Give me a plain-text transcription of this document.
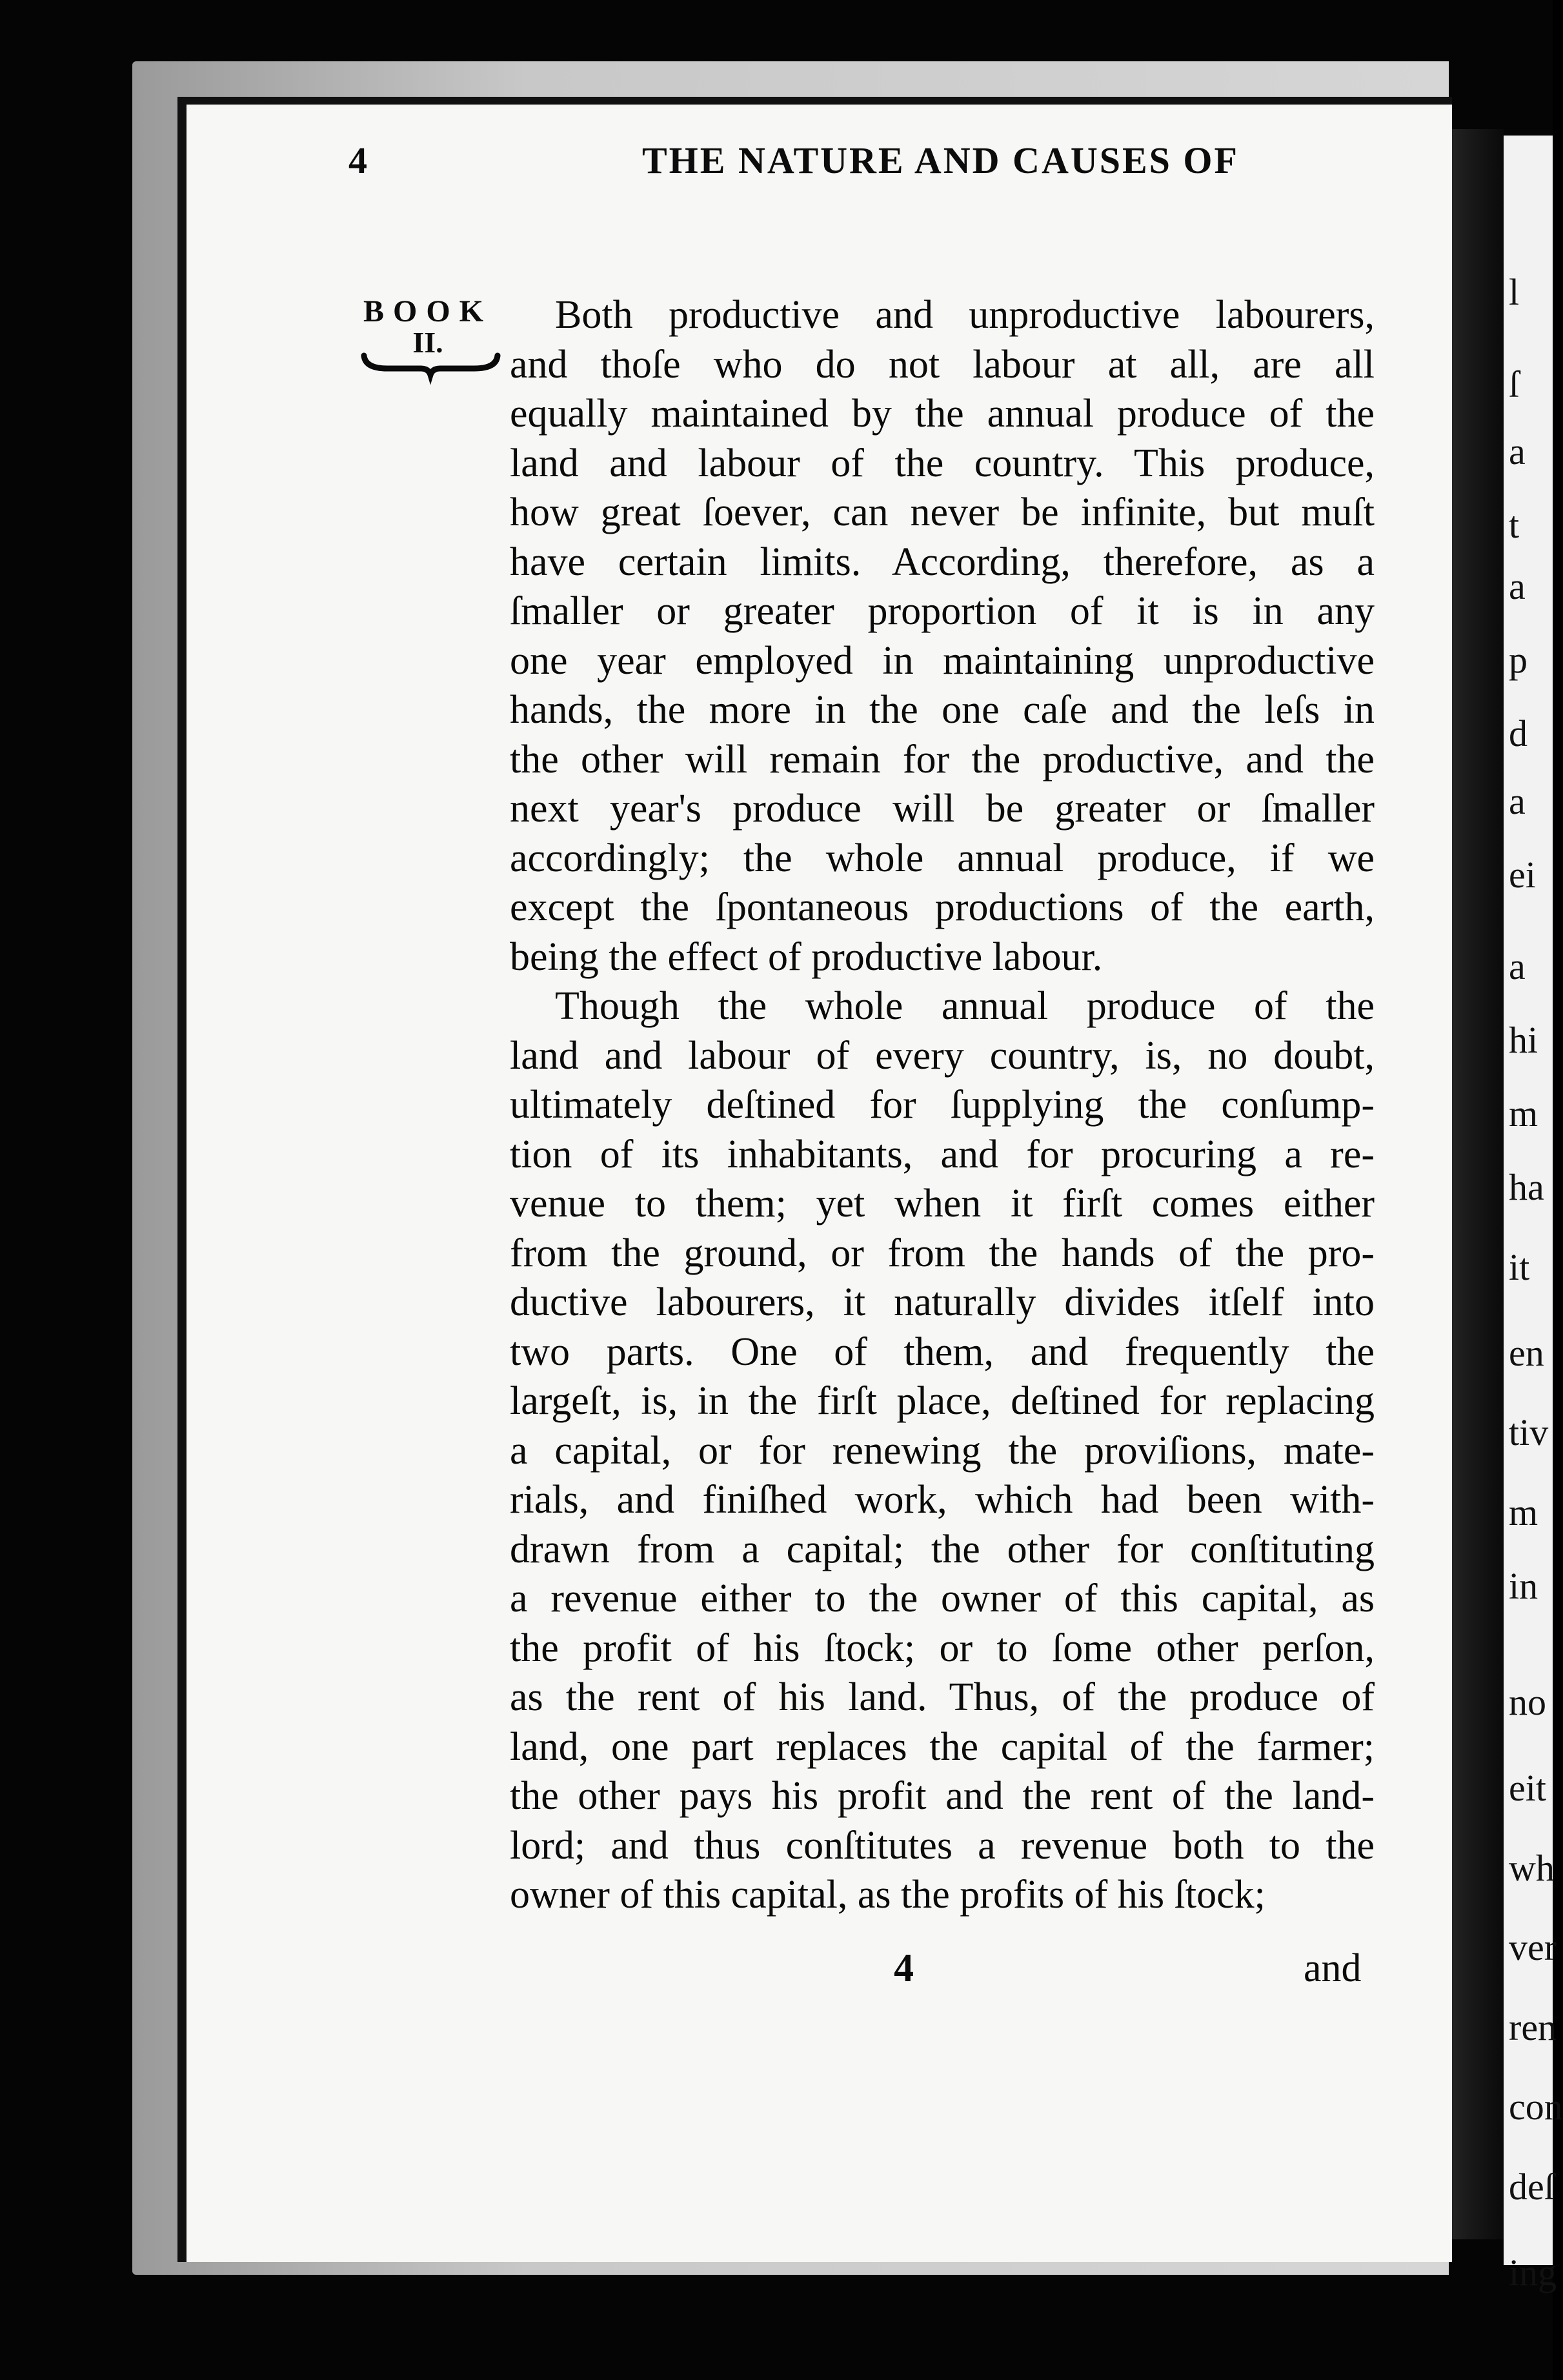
l
ſ
a
t
a
p
d
a
ei
a
hi
m
ha
it
en
tiv
m
in
no
eit
wh
ver
ren
con
deſ
ing
4	THE NATURE AND CAUSES OF
BOOK
II.
Both productive and unproductive labourers,
and thoſe who do not labour at all, are all
equally maintained by the annual produce of the
land and labour of the country. This produce,
how great ſoever, can never be infinite, but muſt
have certain limits. According, therefore, as a
ſmaller or greater proportion of it is in any
one year employed in maintaining unproductive
hands, the more in the one caſe and the leſs in
the other will remain for the productive, and the
next year's produce will be greater or ſmaller
accordingly; the whole annual produce, if we
except the ſpontaneous productions of the earth,
being the effect of productive labour.
Though the whole annual produce of the
land and labour of every country, is, no doubt,
ultimately deſtined for ſupplying the conſump-
tion of its inhabitants, and for procuring a re-
venue to them; yet when it firſt comes either
from the ground, or from the hands of the pro-
ductive labourers, it naturally divides itſelf into
two parts. One of them, and frequently the
largeſt, is, in the firſt place, deſtined for replacing
a capital, or for renewing the proviſions, mate-
rials, and finiſhed work, which had been with-
drawn from a capital; the other for conſtituting
a revenue either to the owner of this capital, as
the profit of his ſtock; or to ſome other perſon,
as the rent of his land. Thus, of the produce of
land, one part replaces the capital of the farmer;
the other pays his profit and the rent of the land-
lord; and thus conſtitutes a revenue both to the
owner of this capital, as the profits of his ſtock;
4	and
